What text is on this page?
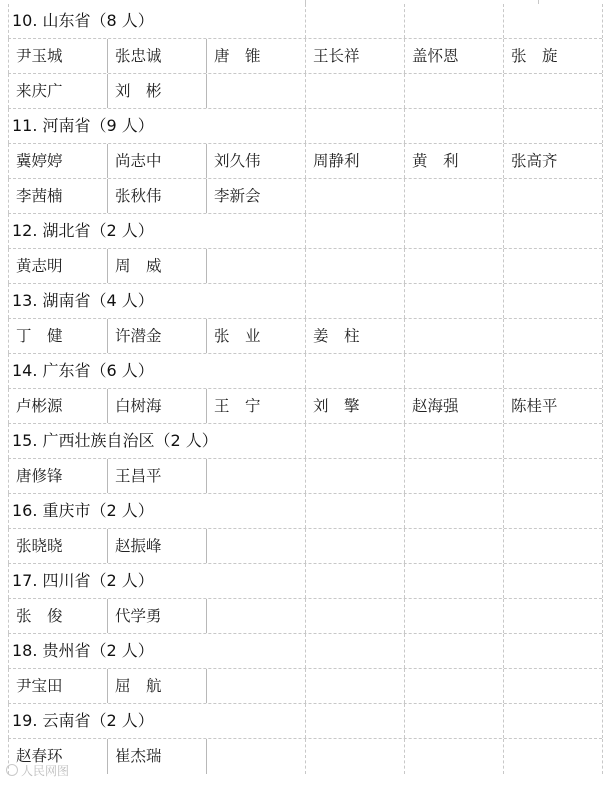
10. 山东省（8 人）
尹玉城	张忠诚	唐　锥	王长祥	盖怀恩	张　旋
来庆广	刘　彬
11. 河南省（9 人）
冀婷婷	尚志中	刘久伟	周静利	黄　利	张高齐
李茜楠	张秋伟	李新会
12. 湖北省（2 人）
黄志明	周　威
13. 湖南省（4 人）
丁　健	许潜金	张　业	姜　柱
14. 广东省（6 人）
卢彬源	白树海	王　宁	刘　擎	赵海强	陈桂平
15. 广西壮族自治区（2 人）
唐修锋	王昌平
16. 重庆市（2 人）
张晓晓	赵振峰
17. 四川省（2 人）
张　俊	代学勇
18. 贵州省（2 人）
尹宝田	屈　航
19. 云南省（2 人）
赵春环	崔杰瑞
人民网图
